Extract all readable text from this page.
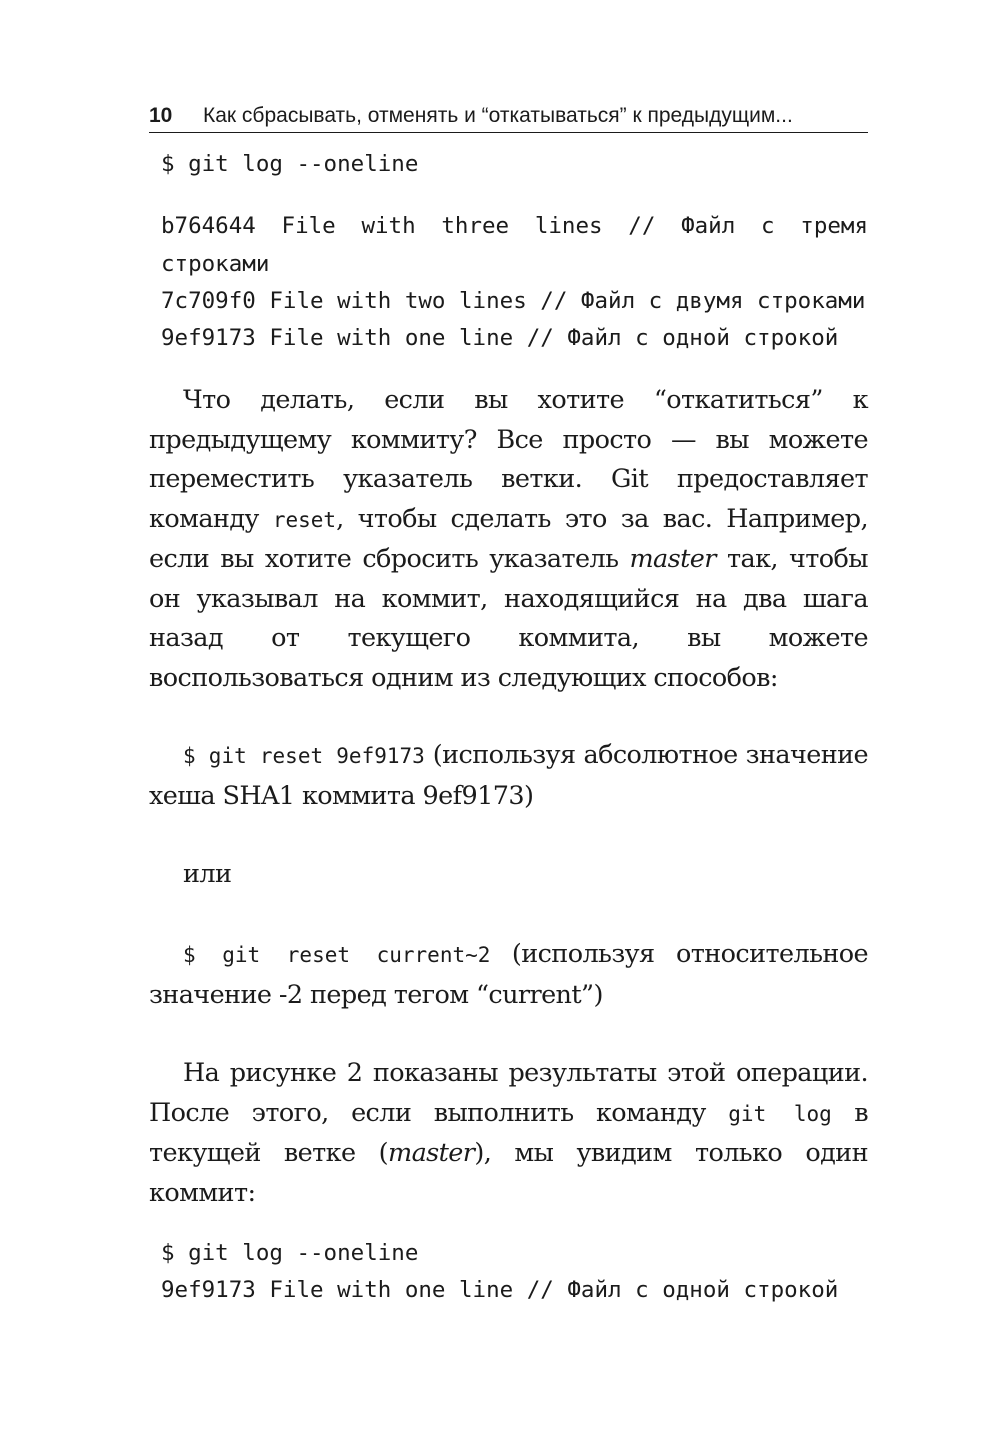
10 Как сбрасывать, отменять и “откатываться” к предыдущим...
$ git log --oneline
b764644 File with three lines // Файл с тремя строками
7c709f0 File with two lines // Файл с двумя строками
9ef9173 File with one line // Файл с одной строкой
Что делать, если вы хотите “откатиться” к предыдущему коммиту? Все просто — вы можете переместить указатель ветки. Git предоставляет команду reset, чтобы сделать это за вас. Например, если вы хотите сбросить указатель master так, чтобы он указывал на коммит, находящийся на два шага назад от текущего коммита, вы можете воспользоваться одним из следующих способов:
$ git reset 9ef9173 (используя абсолютное значение хеша SHA1 коммита 9ef9173)
или
$ git reset current~2 (используя относительное значение -2 перед тегом “current”)
На рисунке 2 показаны результаты этой операции. После этого, если выполнить команду git log в текущей ветке (master), мы увидим только один коммит:
$ git log --oneline
9ef9173 File with one line // Файл с одной строкой
